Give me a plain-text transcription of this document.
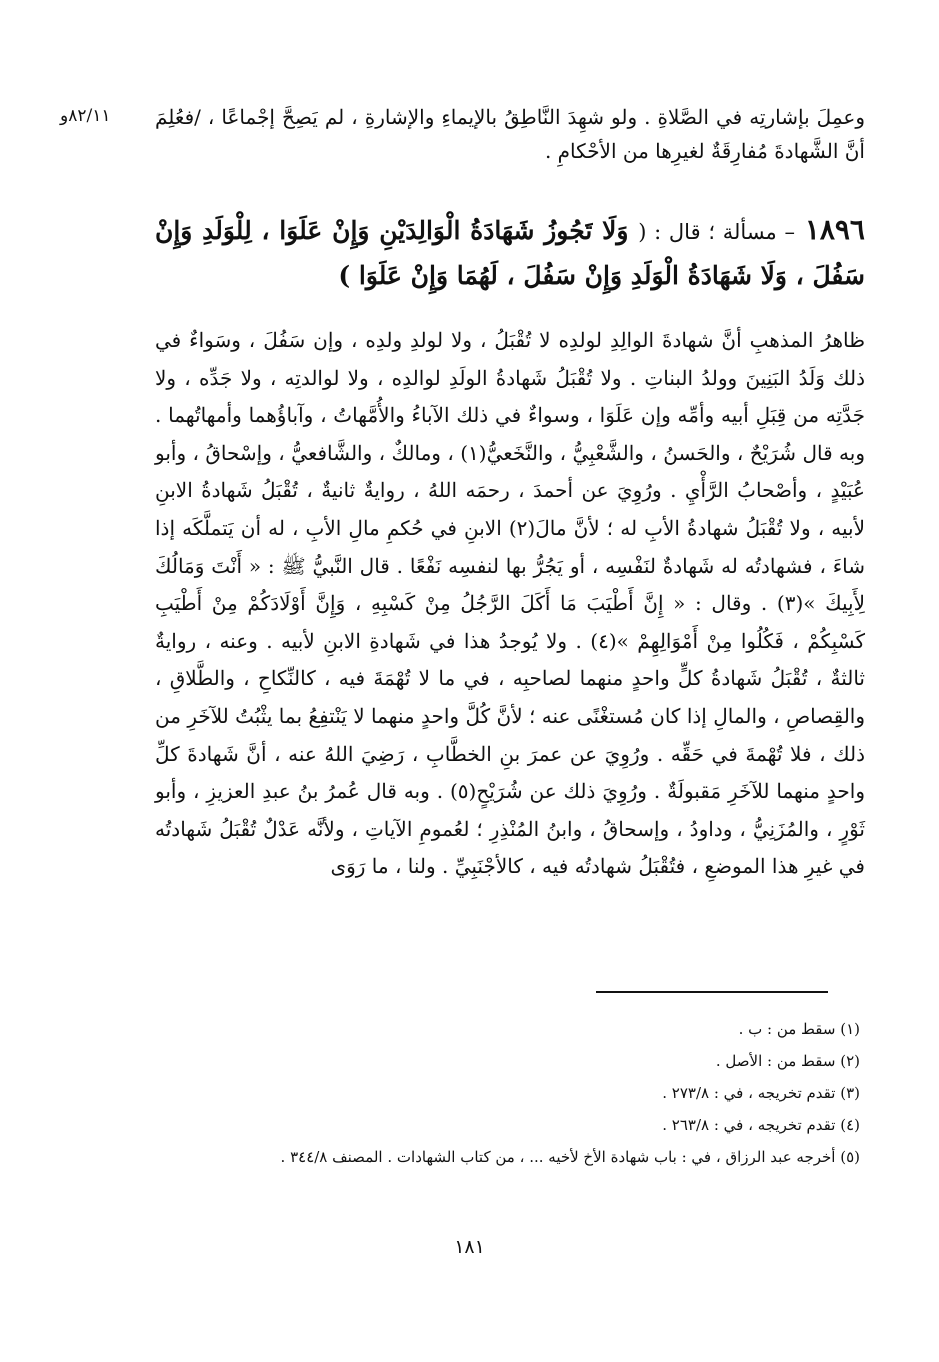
٨٢/١١و	وعمِلَ بإشارتِه في الصَّلاةِ . ولو شهِدَ النَّاطِقُ بالإيماءِ والإشارةِ ، لم يَصِحَّ إجْماعًا ، /فعُلِمَ أنَّ الشَّهادةَ مُفارِقَةٌ لغيرِها من الأحْكامِ .
١٨٩٦ – مسألة ؛ قال : ( وَلَا تَجُوزُ شَهَادَةُ الْوَالِدَيْنِ وَإِنْ عَلَوَا ، لِلْوَلَدِ وَإِنْ سَفُلَ ، وَلَا شَهَادَةُ الْوَلَدِ وَإِنْ سَفُلَ ، لَهُمَا وَإِنْ عَلَوَا )

ظاهرُ المذهبِ أنَّ شهادةَ الوالِدِ لولدِه لا تُقْبَلُ ، ولا لولدِ ولدِه ، وإن سَفُلَ ، وسَواءٌ في ذلك وَلَدُ البَنِينَ وولدُ البناتِ . ولا تُقْبَلُ شَهادةُ الولَدِ لوالدِه ، ولا لوالدتِه ، ولا جَدِّه ، ولا جَدَّتِه من قِبَلِ أبيه وأمِّه وإن عَلَوَا ، وسواءٌ في ذلك الآباءُ والأُمَّهاتُ ، وآباؤُهما وأمهاتُهما . وبه قال شُرَيْحٌ ، والحَسنُ ، والشَّعْبِيُّ ، والنَّخَعيُّ(١) ، ومالكٌ ، والشَّافعيُّ ، وإسْحاقُ ، وأبو عُبَيْدٍ ، وأصْحابُ الرَّأْيِ . ورُوِيَ عن أحمدَ ، رحمَه اللهُ ، روايةٌ ثانيةٌ ، تُقْبَلُ شَهادةُ الابنِ لأبيه ، ولا تُقْبَلُ شهادةُ الأبِ له ؛ لأنَّ مالَ(٢) الابنِ في حُكمِ مالِ الأبِ ، له أن يَتملَّكَه إذا شاءَ ، فشهادتُه له شَهادةٌ لنَفْسِه ، أو يَجُرُّ بها لنفسِه نَفْعًا . قال النَّبيُّ ﷺ : « أَنْتَ وَمَالُكَ لِأَبِيكَ »(٣) . وقال : « إِنَّ أَطْيَبَ مَا أَكَلَ الرَّجُلُ مِنْ كَسْبِهِ ، وَإِنَّ أَوْلَادَكُمْ مِنْ أَطْيَبِ كَسْبِكُمْ ، فَكُلُوا مِنْ أَمْوَالِهِمْ »(٤) . ولا يُوجدُ هذا في شَهادةِ الابنِ لأبيه . وعنه ، روايةٌ ثالثةٌ ، تُقْبَلُ شَهادةُ كلٍّ واحدٍ منهما لصاحبِه ، في ما لا تُهْمَةَ فيه ، كالنِّكاحِ ، والطَّلاقِ ، والقِصاصِ ، والمالِ إذا كان مُستغْنًى عنه ؛ لأنَّ كُلَّ واحدٍ منهما لا يَنْتفِعُ بما يثْبُتُ للآخَرِ من ذلك ، فلا تُهْمةَ في حَقِّه . ورُوِيَ عن عمرَ بنِ الخطَّابِ ، رَضِيَ اللهُ عنه ، أنَّ شَهادةَ كلِّ واحدٍ منهما للآخَرِ مَقبولَةٌ . ورُوِيَ ذلك عن شُرَيْحٍ(٥) . وبه قال عُمرُ بنُ عبدِ العزيزِ ، وأبو ثَوْرٍ ، والمُزَنِيُّ ، وداودُ ، وإسحاقُ ، وابنُ المُنْذِرِ ؛ لعُمومِ الآياتِ ، ولأنَّه عَدْلٌ تُقْبَلُ شَهادتُه في غيرِ هذا الموضعِ ، فتُقْبَلُ شهادتُه فيه ، كالأجْنَبِيِّ . ولنا ، ما رَوَى

(١) سقط من : ب .
(٢) سقط من : الأصل .
(٣) تقدم تخريجه ، في : ٢٧٣/٨ .
(٤) تقدم تخريجه ، في : ٢٦٣/٨ .
(٥) أخرجه عبد الرزاق ، في : باب شهادة الأخ لأخيه ... ، من كتاب الشهادات . المصنف ٣٤٤/٨ .
١٨١
